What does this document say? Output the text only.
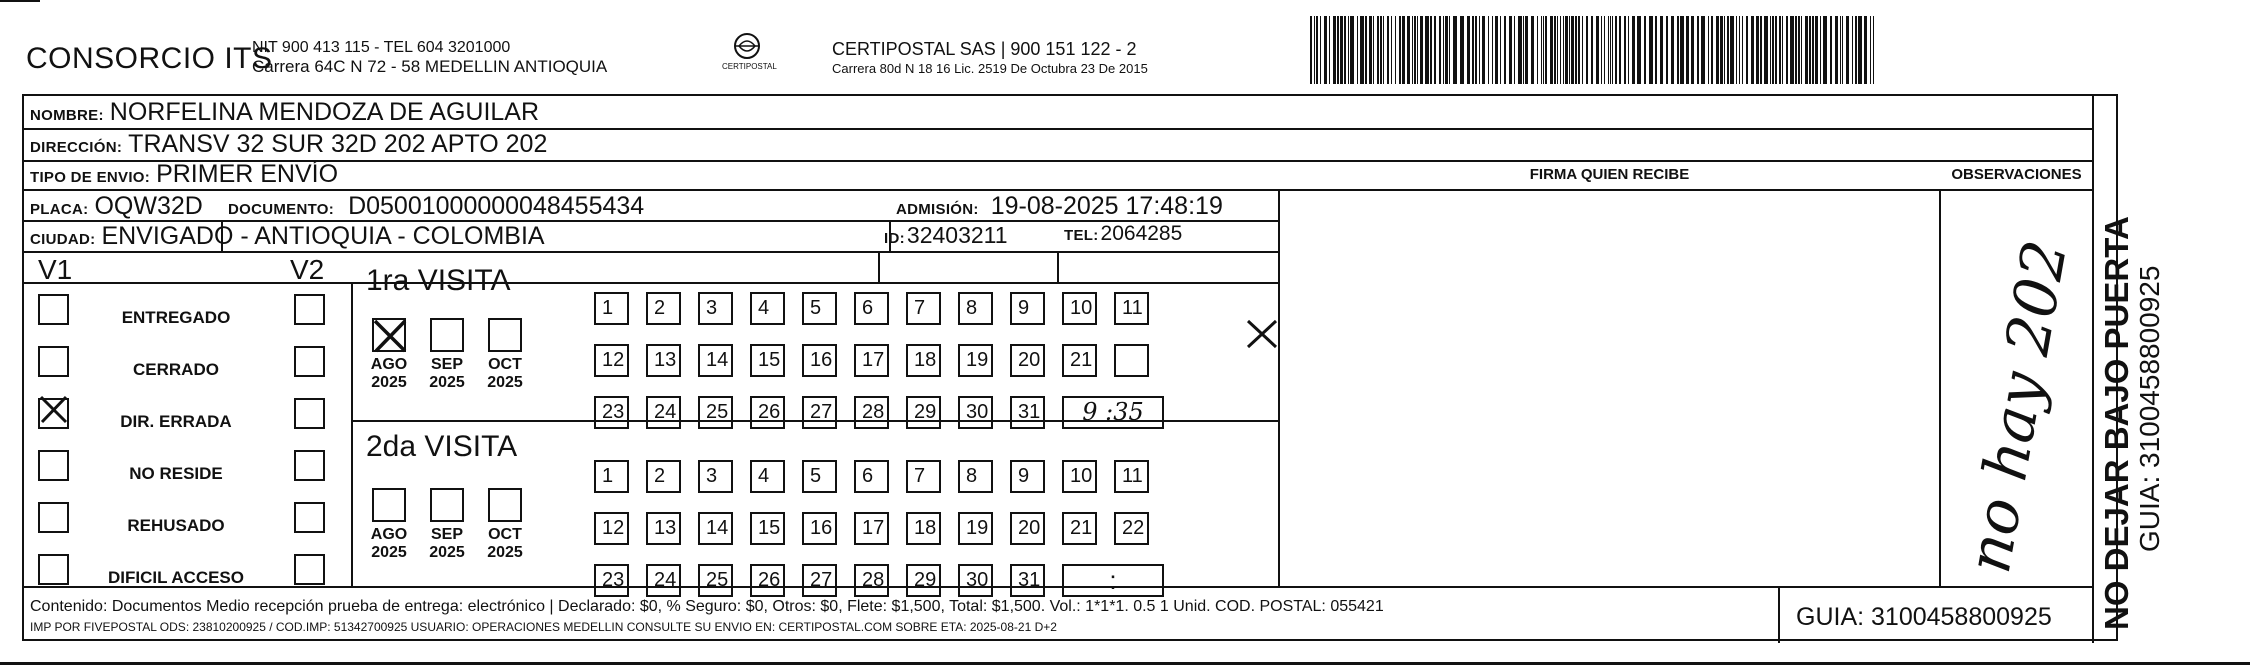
CONSORCIO ITS
NIT 900 413 115 - TEL 604 3201000
Carrera 64C N 72 - 58 MEDELLIN ANTIOQUIA	CERTIPOSTAL
CERTIPOSTAL SAS | 900 151 122 - 2
Carrera 80d N 18 16 Lic. 2519 De Octubra 23 De 2015
NOMBRE: NORFELINA MENDOZA DE AGUILAR
DIRECCIÓN: TRANSV 32 SUR 32D 202 APTO 202
TIPO DE ENVIO: PRIMER ENVÍO	FIRMA QUIEN RECIBE	OBSERVACIONES
PLACA: OQW32D DOCUMENTO: D05001000000048455434	ADMISIÓN: 19-08-2025 17:48:19
CIUDAD: ENVIGADO - ANTIOQUIA - COLOMBIA	ID: 32403211	TEL: 2064285
V1	V2
ENTREGADO
CERRADO
DIR. ERRADA
NO RESIDE
REHUSADO
DIFICIL ACCESO
1ra VISITA
2da VISITA
AGO
2025
SEP
2025
OCT
2025
AGO
2025
SEP
2025
OCT
2025
1	2	3	4	5	6	7	8	9	10	11
12	13	14	15	16	17	18	19	20	21
23	24	25	26	27	28	29	30	31	9 :35
1	2	3	4	5	6	7	8	9	10	11
12	13	14	15	16	17	18	19	20	21	22
23	24	25	26	27	28	29	30	31	:
no hay 202
Contenido: Documentos Medio recepción prueba de entrega: electrónico | Declarado: $0, % Seguro: $0, Otros: $0, Flete: $1,500, Total: $1,500. Vol.: 1*1*1. 0.5 1 Unid. COD. POSTAL: 055421
IMP POR FIVEPOSTAL ODS: 23810200925 / COD.IMP: 51342700925 USUARIO: OPERACIONES MEDELLIN CONSULTE SU ENVIO EN: CERTIPOSTAL.COM SOBRE ETA: 2025-08-21 D+2	GUIA: 3100458800925 NO DEJAR BAJO PUERTA GUIA: 3100458800925
